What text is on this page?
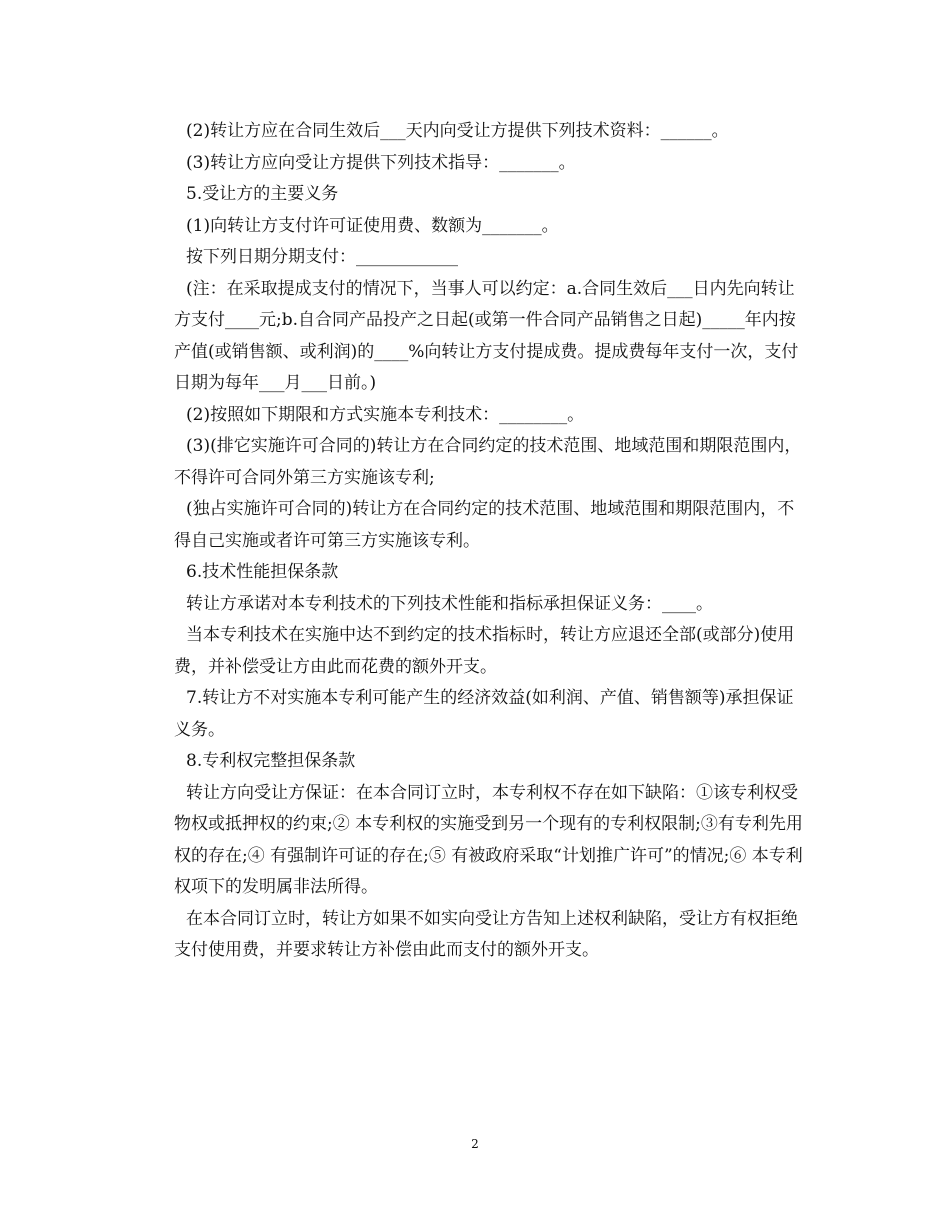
(2)转让方应在合同生效后___天内向受让方提供下列技术资料：______。

(3)转让方应向受让方提供下列技术指导：_______。

5.受让方的主要义务

(1)向转让方支付许可证使用费、数额为_______。

按下列日期分期支付：____________

(注：在采取提成支付的情况下，当事人可以约定：a.合同生效后___日内先向转让方支付____元;b.自合同产品投产之日起(或第一件合同产品销售之日起)_____年内按产值(或销售额、或利润)的____%向转让方支付提成费。提成费每年支付一次，支付日期为每年___月___日前。)

(2)按照如下期限和方式实施本专利技术：________。

(3)(排它实施许可合同的)转让方在合同约定的技术范围、地域范围和期限范围内，不得许可合同外第三方实施该专利;

(独占实施许可合同的)转让方在合同约定的技术范围、地域范围和期限范围内，不得自己实施或者许可第三方实施该专利。

6.技术性能担保条款

转让方承诺对本专利技术的下列技术性能和指标承担保证义务：____。

当本专利技术在实施中达不到约定的技术指标时，转让方应退还全部(或部分)使用费，并补偿受让方由此而花费的额外开支。

7.转让方不对实施本专利可能产生的经济效益(如利润、产值、销售额等)承担保证义务。

8.专利权完整担保条款

转让方向受让方保证：在本合同订立时，本专利权不存在如下缺陷：①该专利权受物权或抵押权的约束;② 本专利权的实施受到另一个现有的专利权限制;③有专利先用权的存在;④ 有强制许可证的存在;⑤ 有被政府采取“计划推广许可”的情况;⑥ 本专利权项下的发明属非法所得。

在本合同订立时，转让方如果不如实向受让方告知上述权利缺陷，受让方有权拒绝支付使用费，并要求转让方补偿由此而支付的额外开支。

2
